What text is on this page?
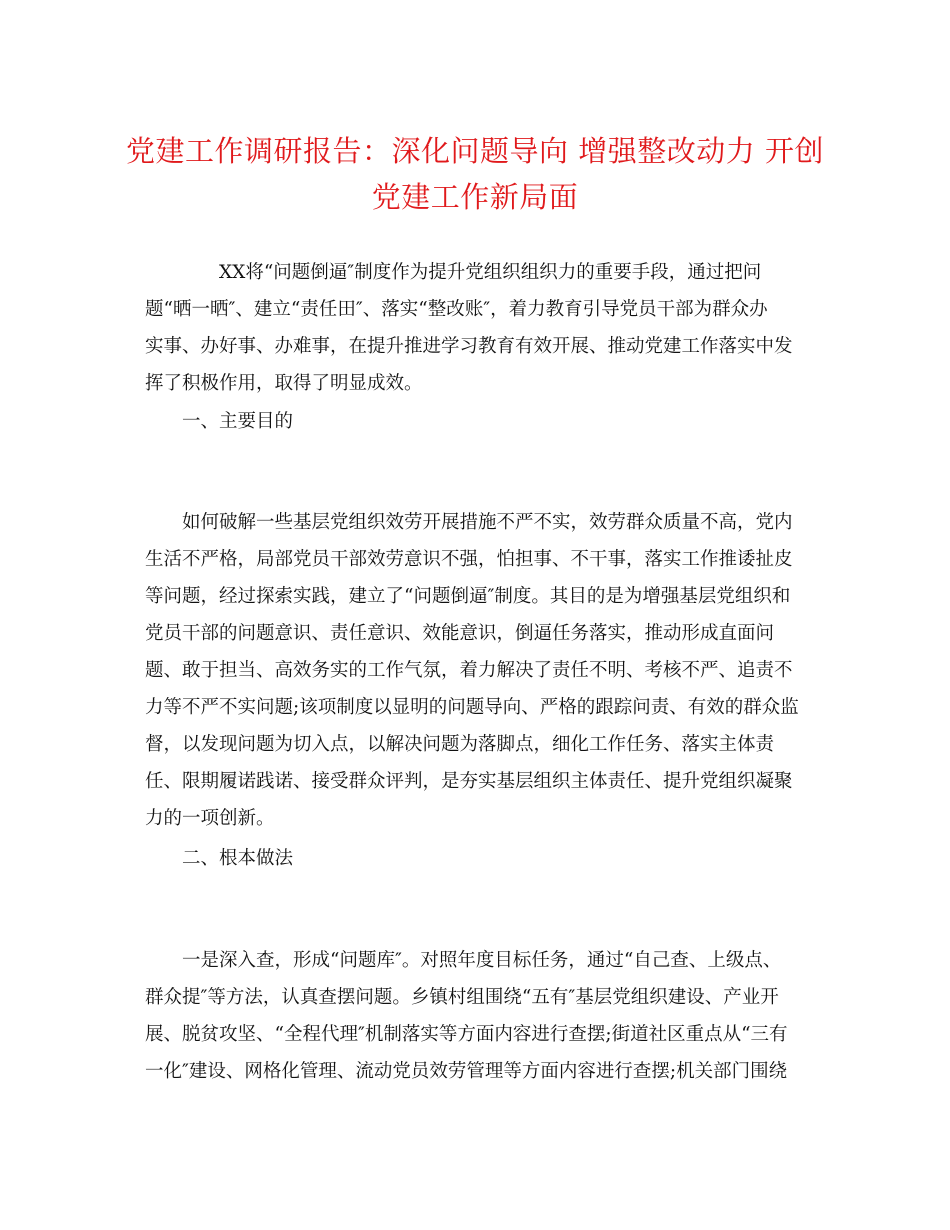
党建工作调研报告：深化问题导向 增强整改动力 开创
党建工作新局面
XX将“问题倒逼″制度作为提升党组织组织力的重要手段，通过把问
题“晒一晒″、建立“责任田″、落实“整改账″，着力教育引导党员干部为群众办
实事、办好事、办难事，在提升推进学习教育有效开展、推动党建工作落实中发
挥了积极作用，取得了明显成效。
一、主要目的
如何破解一些基层党组织效劳开展措施不严不实，效劳群众质量不高，党内
生活不严格，局部党员干部效劳意识不强，怕担事、不干事，落实工作推诿扯皮
等问题，经过探索实践，建立了“问题倒逼″制度。其目的是为增强基层党组织和
党员干部的问题意识、责任意识、效能意识，倒逼任务落实，推动形成直面问
题、敢于担当、高效务实的工作气氛，着力解决了责任不明、考核不严、追责不
力等不严不实问题;该项制度以显明的问题导向、严格的跟踪问责、有效的群众监
督，以发现问题为切入点，以解决问题为落脚点，细化工作任务、落实主体责
任、限期履诺践诺、接受群众评判，是夯实基层组织主体责任、提升党组织凝聚
力的一项创新。
二、根本做法
一是深入查，形成“问题库″。对照年度目标任务，通过“自己查、上级点、
群众提″等方法，认真查摆问题。乡镇村组围绕“五有″基层党组织建设、产业开
展、脱贫攻坚、“全程代理″机制落实等方面内容进行查摆;街道社区重点从“三有
一化″建设、网格化管理、流动党员效劳管理等方面内容进行查摆;机关部门围绕
